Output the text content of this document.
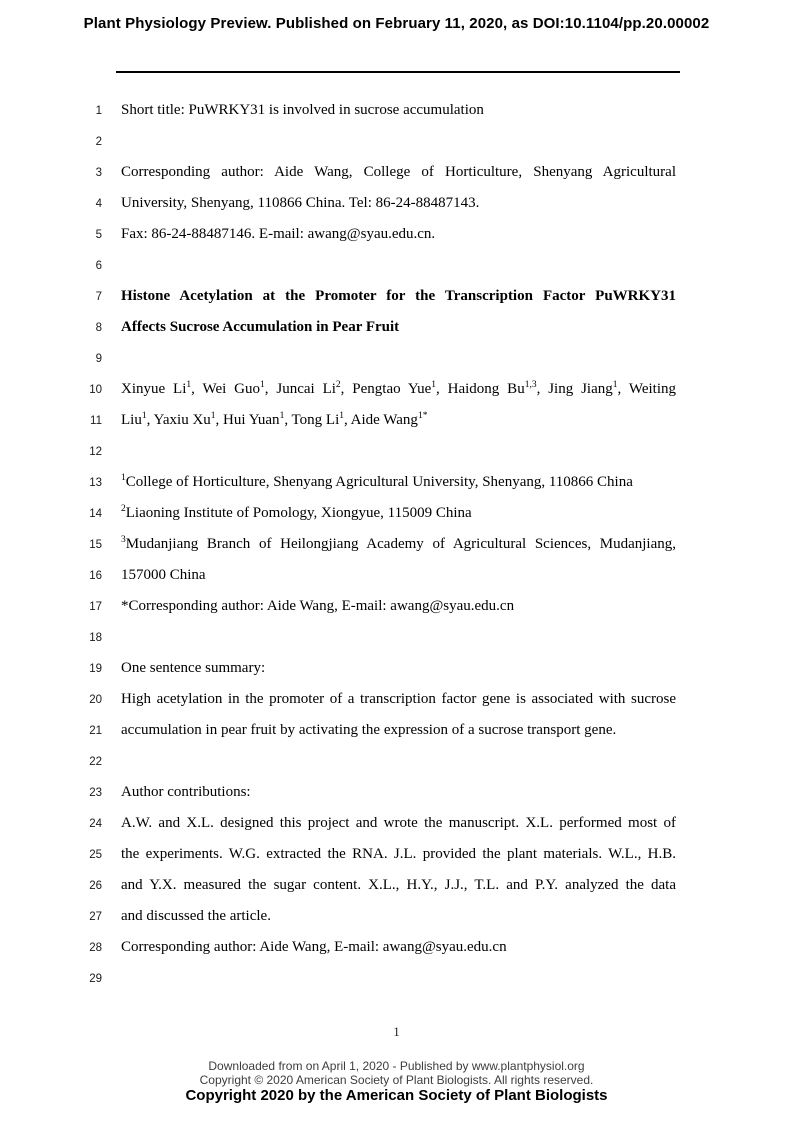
Plant Physiology Preview. Published on February 11, 2020, as DOI:10.1104/pp.20.00002
1 Short title: PuWRKY31 is involved in sucrose accumulation
2
3 Corresponding author: Aide Wang, College of Horticulture, Shenyang Agricultural
4 University, Shenyang, 110866 China. Tel: 86-24-88487143.
5 Fax: 86-24-88487146. E-mail: awang@syau.edu.cn.
6
7 Histone Acetylation at the Promoter for the Transcription Factor PuWRKY31
8 Affects Sucrose Accumulation in Pear Fruit
9
10 Xinyue Li$^1$, Wei Guo$^1$, Juncai Li$^2$, Pengtao Yue$^1$, Haidong Bu$^{1,3}$, Jing Jiang$^1$, Weiting
11 Liu$^1$, Yaxiu Xu$^1$, Hui Yuan$^1$, Tong Li$^1$, Aide Wang$^{1*}$
12
13 $^1$College of Horticulture, Shenyang Agricultural University, Shenyang, 110866 China
14 $^2$Liaoning Institute of Pomology, Xiongyue, 115009 China
15 $^3$Mudanjiang Branch of Heilongjiang Academy of Agricultural Sciences, Mudanjiang,
16 157000 China
17 *Corresponding author: Aide Wang, E-mail: awang@syau.edu.cn
18
19 One sentence summary:
20 High acetylation in the promoter of a transcription factor gene is associated with sucrose
21 accumulation in pear fruit by activating the expression of a sucrose transport gene.
22
23 Author contributions:
24 A.W. and X.L. designed this project and wrote the manuscript. X.L. performed most of
25 the experiments. W.G. extracted the RNA. J.L. provided the plant materials. W.L., H.B.
26 and Y.X. measured the sugar content. X.L., H.Y., J.J., T.L. and P.Y. analyzed the data
27 and discussed the article.
28 Corresponding author: Aide Wang, E-mail: awang@syau.edu.cn
29
1
Downloaded from on April 1, 2020 - Published by www.plantphysiol.org
Copyright © 2020 American Society of Plant Biologists. All rights reserved.
Copyright 2020 by the American Society of Plant Biologists
